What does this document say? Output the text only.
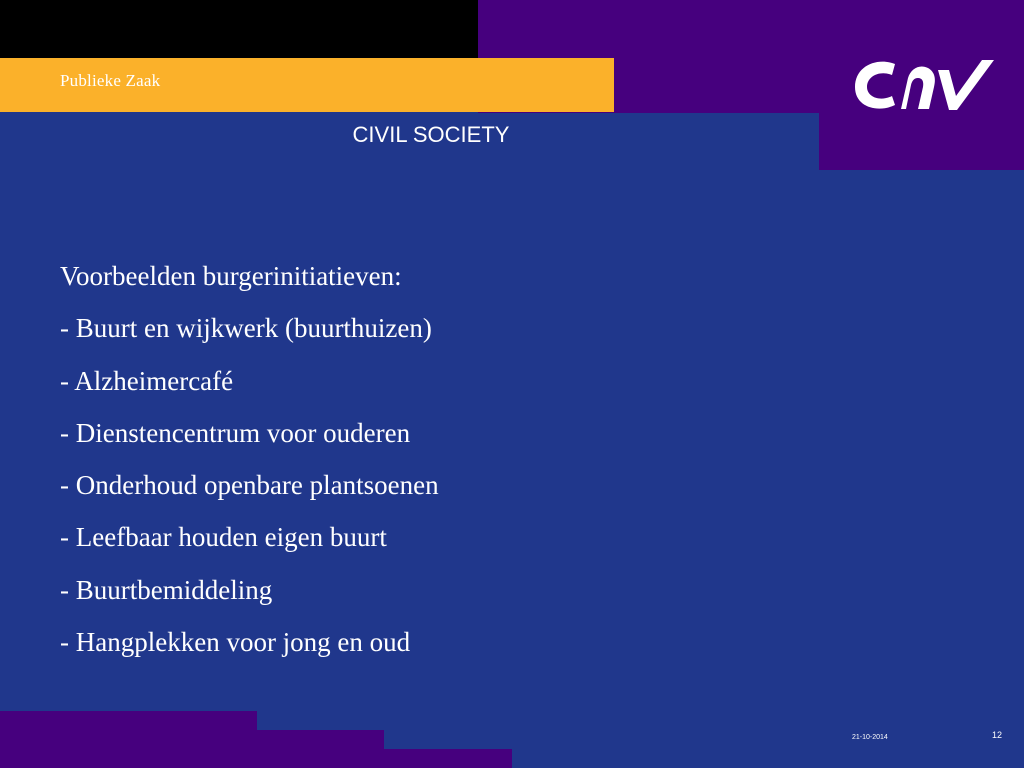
Publieke Zaak
CIVIL SOCIETY
Voorbeelden burgerinitiatieven:
- Buurt en wijkwerk (buurthuizen)
- Alzheimercafé
- Dienstencentrum voor ouderen
- Onderhoud openbare plantsoenen
- Leefbaar houden eigen buurt
- Buurtbemiddeling
- Hangplekken voor jong en oud
21-10-2014	12
